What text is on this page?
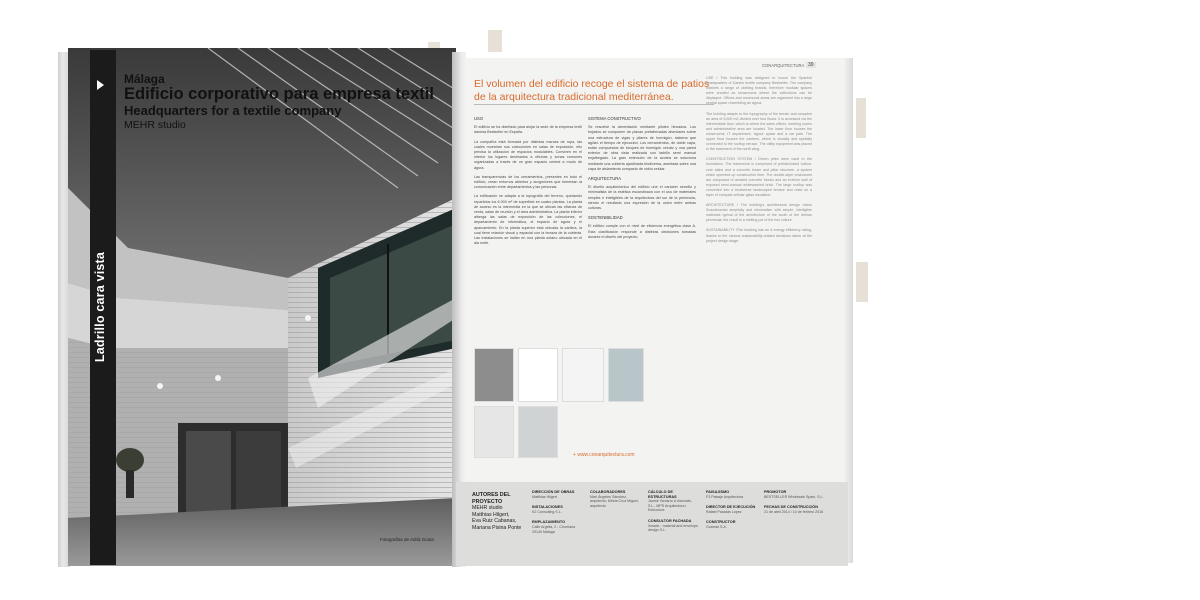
Málaga
Edificio corporativo para empresa textil
Headquarters for a textile company
MEHR studio
Fotografías de Adrià Goula
Ladrillo cara vista
CONARQUITECTURA 39
El volumen del edificio recoge el sistema de patios de la arquitectura tradicional mediterránea.
USO

El edificio se ha diseñado para alojar la sede de la empresa textil danesa Bestseller en España.

La compañía está formada por distintas marcas de ropa, las cuales muestran sus colecciones en salas de exposición, ello precisa la utilización de espacios modulables. Conviven en el interior los lugares destinados a oficinas y zonas comunes organizadas a través de un gran espacio central a modo de ágora.

Las transparencias de los cerramientos, presentes en todo el edificio, crean entornos abiertos y acogedores que fomentan la comunicación entre departamentos y las personas.

La edificación se adapta a la topografía del terreno, quedando repartidos los 6.000 m² de superficie en cuatro plantas. La planta de acceso es la intermedia en la que se ubican las oficinas de venta, salas de reunión y el área administrativa. La planta inferior alberga las salas de exposición de las colecciones, el departamento de informática, el espacio de ágora y el aparcamiento. En la planta superior está ubicada la cantina, la cual tiene relación visual y espacial con la terraza de la cubierta. Las instalaciones se hallan en una planta sótano ubicada en el ala norte.

SISTEMA CONSTRUCTIVO

Se resuelve la cimentación mediante pilotes hincados. Los forjados se componen de placas prefabricadas alveolares sobre una estructura de vigas y pilares de hormigón, sistema que agilizó el tiempo de ejecución. Los cerramientos, de doble capa, están compuestos de bloques de hormigón celular y una pared exterior de obra vista realizada con ladrillo semi manual enjalbegado. La gran extensión de la azotea se soluciona mediante una cubierta ajardinada biodiversa, asentada sobre una capa de aislamiento compacto de vidrio celular.

ARQUITECTURA

El diseño arquitectónico del edificio une el carácter sencillo y minimalista de la estética escandinava con el uso de materiales simples e inteligibles de la arquitectura del sur de la península, siendo el resultado una expresión de la unión entre ambas culturas.

SOSTENIBILIDAD

El edificio cumple con el nivel de eficiencia energética clase A. Esta clasificación responde a distintas decisiones tomadas durante el diseño del proyecto.

USE / This building was designed to house the Spanish headquarters of Danish textile company Bestseller. The company markets a range of clothing brands, therefore modular spaces were created as showrooms where the collections can be displayed. Offices and communal areas are organised into a large central space resembling an agora.

The building adapts to the topography of the terrain and occupies an area of 6,000 m2 divided over four floors. It is accessed via the intermediate floor, which is where the sales offices, meeting rooms and administrative area are located. The lower floor houses the showrooms, IT department, 'agora' space and a car park. The upper floor houses the canteen, which is visually and spatially connected to the rooftop terrace. The utility equipment was placed in the basement of the north wing.

CONSTRUCTION SYSTEM / Driven piles were used in the foundation. The framework is comprised of prefabricated hollow-core slabs and a concrete beam and pillar structure, a system which speeded up construction time. The double-layer enclosures are composed of aerated concrete blocks and an exterior wall of exposed semi-manual whitewashed brick. The large rooftop was converted into a biodiverse landscaped terrace and rests on a layer of compact cellular glass insulation.

ARCHITECTURE / The building's architectural design mixes Scandinavian simplicity and minimalism with simple, intelligible materials typical of the architecture of the south of the Iberian peninsula; the result is a melting pot of the two culture.

SUSTAINABILITY /The building has an A energy efficiency rating, thanks to the various sustainability-related decisions taken at the project design stage.

+ www.conarquitectura.com
AUTORES DEL PROYECTO
MEHR studio
Matthias Hilgert,
Eva Ruiz Cabanas,
Mariana Pisina Ponte
DIRECCIÓN DE OBRAS
Matthias Hilgert
INSTALACIONES
K2 Consulting S.L.
EMPLAZAMIENTO
Calle Argelia, 2 - Churriana 29140 Málaga
COLABORADORES
Mari Ángeles Sánchez, arquitecto; Mireia Cruz Miguel, arquitecto
CÁLCULO DE ESTRUCTURAS
Jaume Vizcarro & Asociats, S.L., MPS Arquitectura i Estructura
CONSULTOR FACHADA
Xmade - material and envelope design S.L.
PAISAJISMO
F3 Paisaje Arquitectura
DIRECTOR DE EJECUCIÓN
Rafael Paradas López
CONSTRUCTOR
Guamar S.A.
PROMOTOR
BESTSELLER Wholesale Spain, S.L.
FECHAS DE CONSTRUCCIÓN
21 de abril 2014 / 10 de febrero 2016
